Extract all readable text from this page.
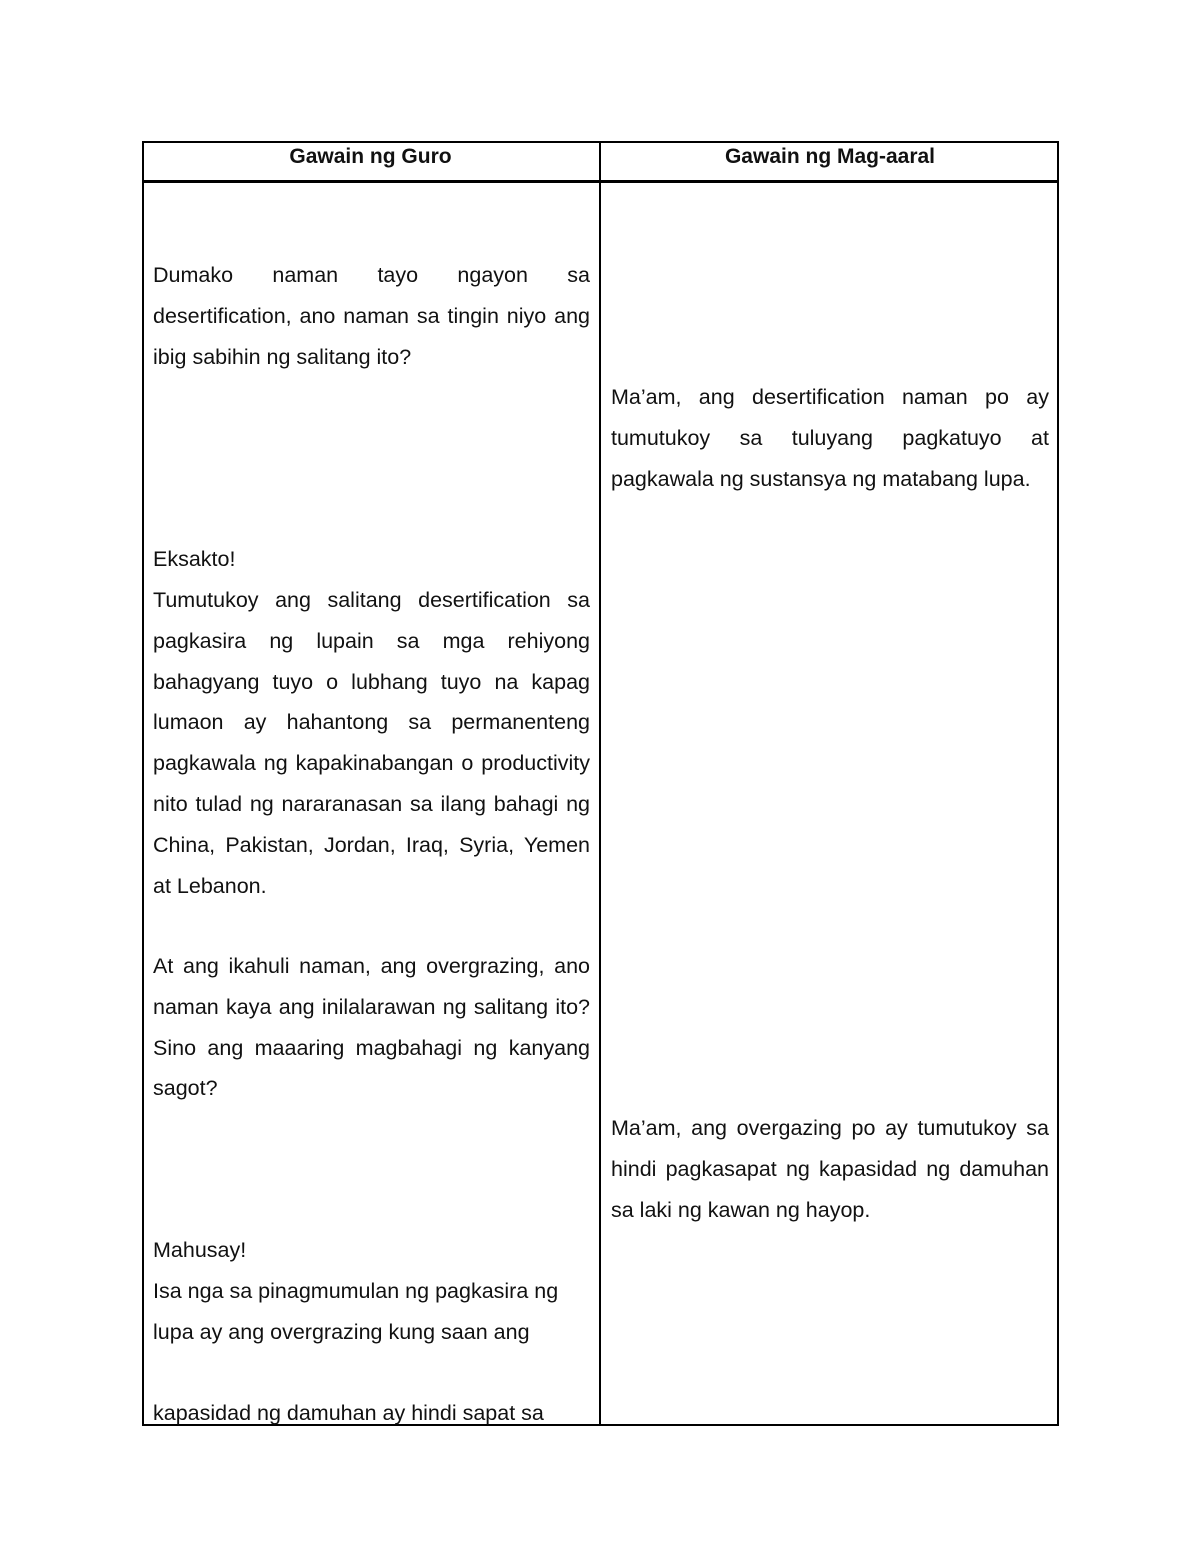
Gawain ng Guro	Gawain ng Mag-aaral

Dumako naman tayo ngayon sa desertification, ano naman sa tingin niyo ang ibig sabihin ng salitang ito?

Eksakto!

Tumutukoy ang salitang desertification sa pagkasira ng lupain sa mga rehiyong bahagyang tuyo o lubhang tuyo na kapag lumaon ay hahantong sa permanenteng pagkawala ng kapakinabangan o productivity nito tulad ng nararanasan sa ilang bahagi ng China, Pakistan, Jordan, Iraq, Syria, Yemen at Lebanon.

At ang ikahuli naman, ang overgrazing, ano naman kaya ang inilalarawan ng salitang ito? Sino ang maaaring magbahagi ng kanyang sagot?

Mahusay!

Isa nga sa pinagmumulan ng pagkasira ng lupa ay ang overgrazing kung saan ang

kapasidad ng damuhan ay hindi sapat sa

Ma’am, ang desertification naman po ay tumutukoy sa tuluyang pagkatuyo at pagkawala ng sustansya ng matabang lupa.

Ma’am, ang overgazing po ay tumutukoy sa hindi pagkasapat ng kapasidad ng damuhan sa laki ng kawan ng hayop.
